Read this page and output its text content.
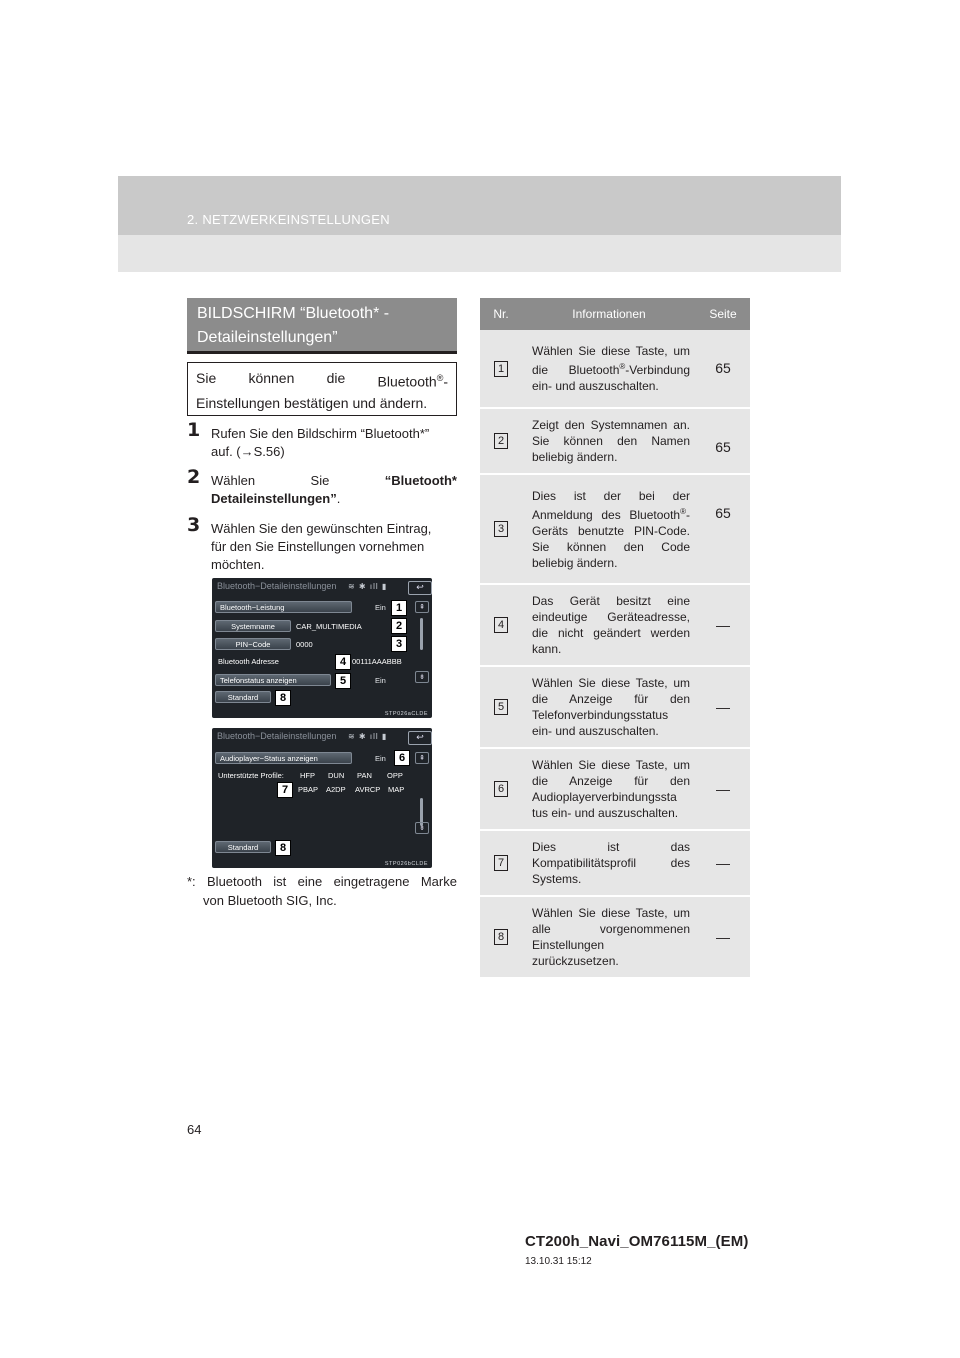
2. NETZWERKEINSTELLUNGEN
BILDSCHIRM “Bluetooth* -
Detaileinstellungen”
Sie können die Bluetooth®-
Einstellungen bestätigen und ändern.
1 Rufen Sie den Bildschirm “Bluetooth*”
auf. (→S.56)
2 Wählen	Sie	“Bluetooth*
Detaileinstellungen”.
3 Wählen Sie den gewünschten Eintrag,
für den Sie Einstellungen vornehmen
möchten.
Bluetooth−Detaileinstellungen ≋ ✱ ıll ▮	↩
Bluetooth−Leistung	Ein	⇞
Systemname	CAR_MULTIMEDIA
PIN−Code	0000
Bluetooth Adresse	00111AAABBB
Telefonstatus anzeigen	Ein	⇟
Standard
1
2
3
4
5
8
STP026aCLDE
Bluetooth−Detaileinstellungen ≋ ✱ ıll ▮	↩
Audioplayer−Status anzeigen	Ein	⇞
Unterstützte Profile: HFP DUN PAN OPP
PBAP A2DP AVRCP MAP
⇟
Standard
6
7
8
STP026bCLDE
*: Bluetooth ist eine eingetragene Marke
von Bluetooth SIG, Inc.
Nr.	Informationen	Seite
1	Wählen Sie diese Taste, um die Bluetooth®-Verbindung ein- und auszuschalten.	65
2	Zeigt den Systemnamen an. Sie können den Namen beliebig ändern.	65
3	Dies ist der bei der Anmeldung des Bluetooth®-Geräts benutzte PIN-Code. Sie können den Code beliebig ändern.	65
4	Das Gerät besitzt eine eindeutige Geräteadresse, die nicht geändert werden kann.	—
5	Wählen Sie diese Taste, um die Anzeige für den Telefonverbindungsstatus ein- und auszuschalten.	—
6	Wählen Sie diese Taste, um die Anzeige für den Audioplayerverbindungssta tus ein- und auszuschalten.	—
7	Dies ist das Kompatibilitätsprofil des Systems.	—
8	Wählen Sie diese Taste, um alle vorgenommenen Einstellungen zurückzusetzen.	—
64
CT200h_Navi_OM76115M_(EM)
13.10.31 15:12
